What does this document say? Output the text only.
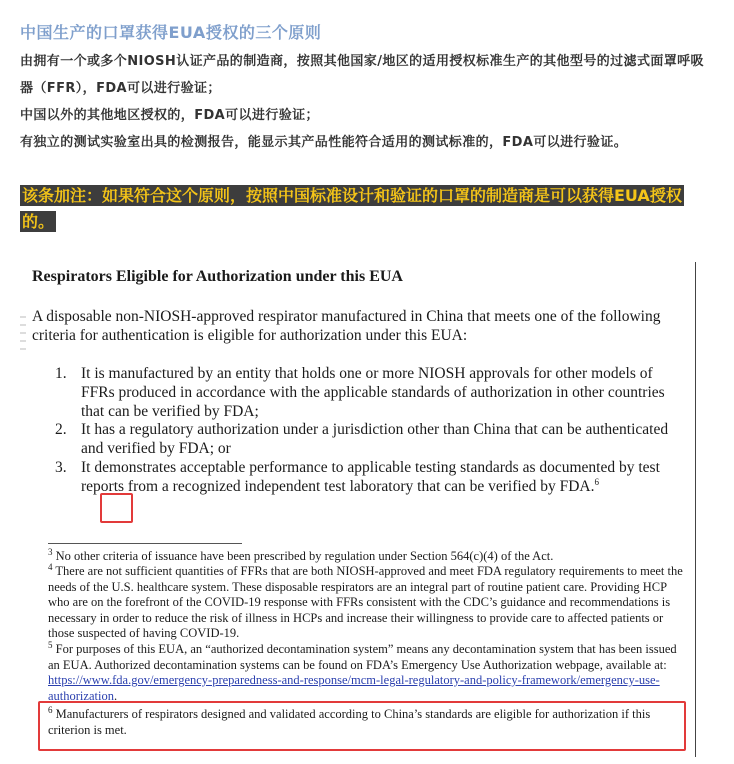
中国生产的口罩获得EUA授权的三个原则
由拥有一个或多个NIOSH认证产品的制造商，按照其他国家/地区的适用授权标准生产的其他型号的过滤式面罩呼吸器（FFR），FDA可以进行验证；
中国以外的其他地区授权的，FDA可以进行验证；
有独立的测试实验室出具的检测报告，能显示其产品性能符合适用的测试标准的，FDA可以进行验证。
该条加注：如果符合这个原则，按照中国标准设计和验证的口罩的制造商是可以获得EUA授权的。
Respirators Eligible for Authorization under this EUA
A disposable non-NIOSH-approved respirator manufactured in China that meets one of the following criteria for authentication is eligible for authorization under this EUA:
1. It is manufactured by an entity that holds one or more NIOSH approvals for other models of FFRs produced in accordance with the applicable standards of authorization in other countries that can be verified by FDA;
2. It has a regulatory authorization under a jurisdiction other than China that can be authenticated and verified by FDA; or
3. It demonstrates acceptable performance to applicable testing standards as documented by test reports from a recognized independent test laboratory that can be verified by FDA.$^6$
$^3$ No other criteria of issuance have been prescribed by regulation under Section 564(c)(4) of the Act.
$^4$ There are not sufficient quantities of FFRs that are both NIOSH-approved and meet FDA regulatory requirements to meet the needs of the U.S. healthcare system. These disposable respirators are an integral part of routine patient care. Providing HCP who are on the forefront of the COVID-19 response with FFRs consistent with the CDC’s guidance and recommendations is necessary in order to reduce the risk of illness in HCPs and increase their willingness to provide care to affected patients or those suspected of having COVID-19.
$^5$ For purposes of this EUA, an “authorized decontamination system” means any decontamination system that has been issued an EUA. Authorized decontamination systems can be found on FDA’s Emergency Use Authorization webpage, available at: https://www.fda.gov/emergency-preparedness-and-response/mcm-legal-regulatory-and-policy-framework/emergency-use-authorization.
$^6$ Manufacturers of respirators designed and validated according to China’s standards are eligible for authorization if this criterion is met.
